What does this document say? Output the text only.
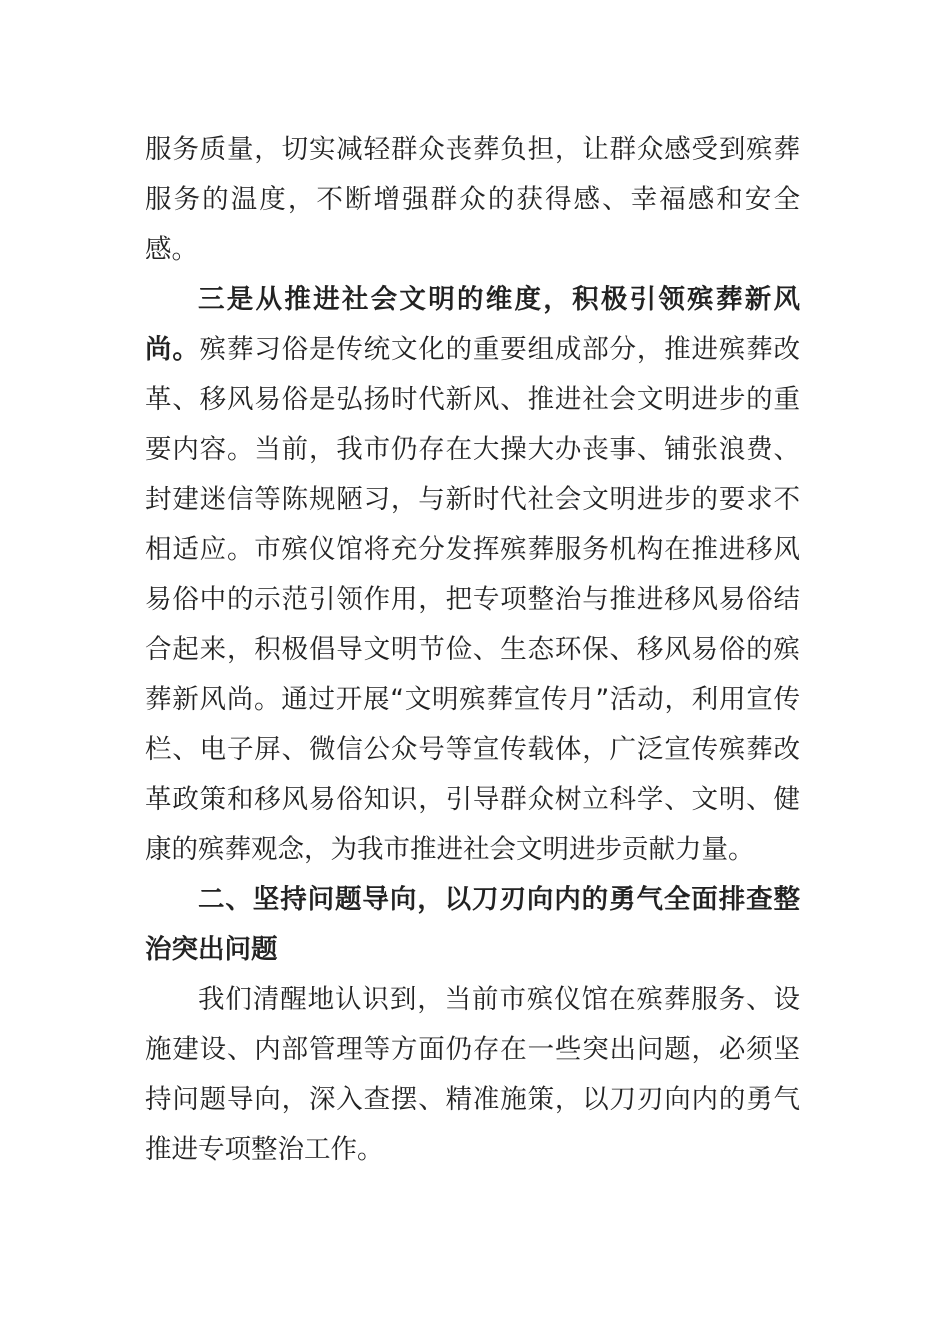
服务质量，切实减轻群众丧葬负担，让群众感受到殡葬服务的温度，不断增强群众的获得感、幸福感和安全感。

三是从推进社会文明的维度，积极引领殡葬新风尚。殡葬习俗是传统文化的重要组成部分，推进殡葬改革、移风易俗是弘扬时代新风、推进社会文明进步的重要内容。当前，我市仍存在大操大办丧事、铺张浪费、封建迷信等陈规陋习，与新时代社会文明进步的要求不相适应。市殡仪馆将充分发挥殡葬服务机构在推进移风易俗中的示范引领作用，把专项整治与推进移风易俗结合起来，积极倡导文明节俭、生态环保、移风易俗的殡葬新风尚。通过开展“文明殡葬宣传月”活动，利用宣传栏、电子屏、微信公众号等宣传载体，广泛宣传殡葬改革政策和移风易俗知识，引导群众树立科学、文明、健康的殡葬观念，为我市推进社会文明进步贡献力量。

二、坚持问题导向，以刀刃向内的勇气全面排查整治突出问题

我们清醒地认识到，当前市殡仪馆在殡葬服务、设施建设、内部管理等方面仍存在一些突出问题，必须坚持问题导向，深入查摆、精准施策，以刀刃向内的勇气推进专项整治工作。
